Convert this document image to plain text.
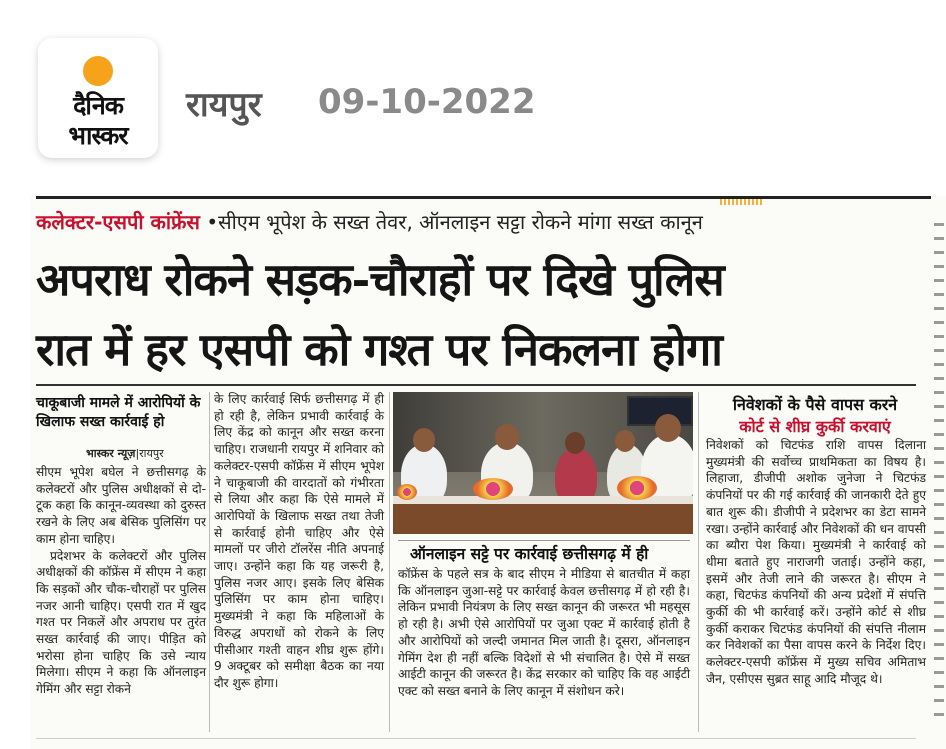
दैनिक
भास्कर
रायपुर 09-10-2022
कलेक्टर-एसपी कांफ्रेंस •सीएम भूपेश के सख्त तेवर, ऑनलाइन सट्टा रोकने मांगा सख्त कानून
अपराध रोकने सड़क-चौराहों पर दिखे पुलिस
रात में हर एसपी को गश्त पर निकलना होगा
चाकूबाजी मामले में आरोपियों के खिलाफ सख्त कार्रवाई हो
भास्कर न्यूज़|रायपुर

सीएम भूपेश बघेल ने छत्तीसगढ़ के कलेक्टरों और पुलिस अधीक्षकों से दो-टूक कहा कि कानून-व्यवस्था को दुरुस्त रखने के लिए अब बेसिक पुलिसिंग पर काम होना चाहिए।

प्रदेशभर के कलेक्टरों और पुलिस अधीक्षकों की कॉफ्रेंस में सीएम ने कहा कि सड़कों और चौक-चौराहों पर पुलिस नजर आनी चाहिए। एसपी रात में खुद गश्त पर निकलें और अपराध पर तुरंत सख्त कार्रवाई की जाए। पीड़ित को भरोसा होना चाहिए कि उसे न्याय मिलेगा। सीएम ने कहा कि ऑनलाइन गेमिंग और सट्टा रोकने

के लिए कार्रवाई सिर्फ छत्तीसगढ़ में ही हो रही है, लेकिन प्रभावी कार्रवाई के लिए केंद्र को कानून और सख्त करना चाहिए। राजधानी रायपुर में शनिवार को कलेक्टर-एसपी कॉफ्रेंस में सीएम भूपेश ने चाकूबाजी की वारदातों को गंभीरता से लिया और कहा कि ऐसे मामले में आरोपियों के खिलाफ सख्त तथा तेजी से कार्रवाई होनी चाहिए और ऐसे मामलों पर जीरो टॉलरेंस नीति अपनाई जाए। उन्होंने कहा कि यह जरूरी है, पुलिस नजर आए। इसके लिए बेसिक पुलिसिंग पर काम होना चाहिए। मुख्यमंत्री ने कहा कि महिलाओं के विरुद्ध अपराधों को रोकने के लिए पीसीआर गश्ती वाहन शीघ्र शुरू होंगे। 9 अक्टूबर को समीक्षा बैठक का नया दौर शुरू होगा।

ऑनलाइन सट्टे पर कार्रवाई छत्तीसगढ़ में ही

कॉफ्रेंस के पहले सत्र के बाद सीएम ने मीडिया से बातचीत में कहा कि ऑनलाइन जुआ-सट्टे पर कार्रवाई केवल छत्तीसगढ़ में हो रही है। लेकिन प्रभावी नियंत्रण के लिए सख्त कानून की जरूरत भी महसूस हो रही है। अभी ऐसे आरोपियों पर जुआ एक्ट में कार्रवाई होती है और आरोपियों को जल्दी जमानत मिल जाती है। दूसरा, ऑनलाइन गेमिंग देश ही नहीं बल्कि विदेशों से भी संचालित है। ऐसे में सख्त आईटी कानून की जरूरत है। केंद्र सरकार को चाहिए कि वह आईटी एक्ट को सख्त बनाने के लिए कानून में संशोधन करे।

निवेशकों के पैसे वापस करने
कोर्ट से शीघ्र कुर्की करवाएं

निवेशकों को चिटफंड राशि वापस दिलाना मुख्यमंत्री की सर्वोच्च प्राथमिकता का विषय है। लिहाजा, डीजीपी अशोक जुनेजा ने चिटफंड कंपनियों पर की गई कार्रवाई की जानकारी देते हुए बात शुरू की। डीजीपी ने प्रदेशभर का डेटा सामने रखा। उन्होंने कार्रवाई और निवेशकों की धन वापसी का ब्यौरा पेश किया। मुख्यमंत्री ने कार्रवाई को धीमा बताते हुए नाराजगी जताई। उन्होंने कहा, इसमें और तेजी लाने की जरूरत है। सीएम ने कहा, चिटफंड कंपनियों की अन्य प्रदेशों में संपत्ति कुर्की की भी कार्रवाई करें। उन्होंने कोर्ट से शीघ्र कुर्की कराकर चिटफंड कंपनियों की संपत्ति नीलाम कर निवेशकों का पैसा वापस करने के निर्देश दिए। कलेक्टर-एसपी कॉफ्रेंस में मुख्य सचिव अमिताभ जैन, एसीएस सुब्रत साहू आदि मौजूद थे।
